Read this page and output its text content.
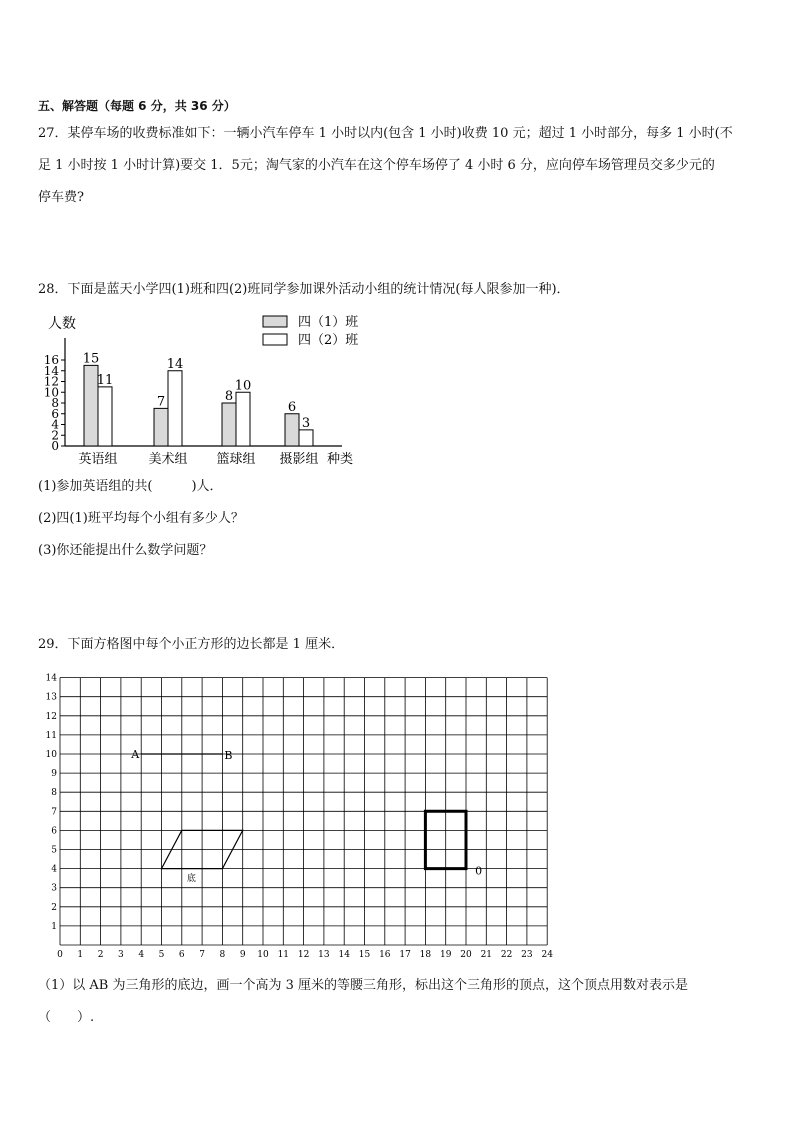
五、解答题（每题 6 分，共 36 分）
27．某停车场的收费标准如下：一辆小汽车停车 1 小时以内(包含 1 小时)收费 10 元；超过 1 小时部分，每多 1 小时(不
足 1 小时按 1 小时计算)要交 1．5元；淘气家的小汽车在这个停车场停了 4 小时 6 分，应向停车场管理员交多少元的
停车费?
28．下面是蓝天小学四(1)班和四(2)班同学参加课外活动小组的统计情况(每人限参加一种)．
人数
种类
0
2
4
6
8
10
12
14
16
英语组
15
11
美术组
7
14
篮球组
8
10
摄影组
6
3
四（1）班
四（2）班
(1)参加英语组的共(　　　)人．
(2)四(1)班平均每个小组有多少人？
(3)你还能提出什么数学问题？
29．下面方格图中每个小正方形的边长都是 1 厘米．
0 1 2 3 4 5 6 7 8 9 10 11 12 13 14 15 16 17 18 19 20 21 22 23 24
1
2
3
4
5
6
7
8
9
10
11
12
13
14
A	B
底
0
（1）以 AB 为三角形的底边，画一个高为 3 厘米的等腰三角形，标出这个三角形的顶点，这个顶点用数对表示是
（　　）.
